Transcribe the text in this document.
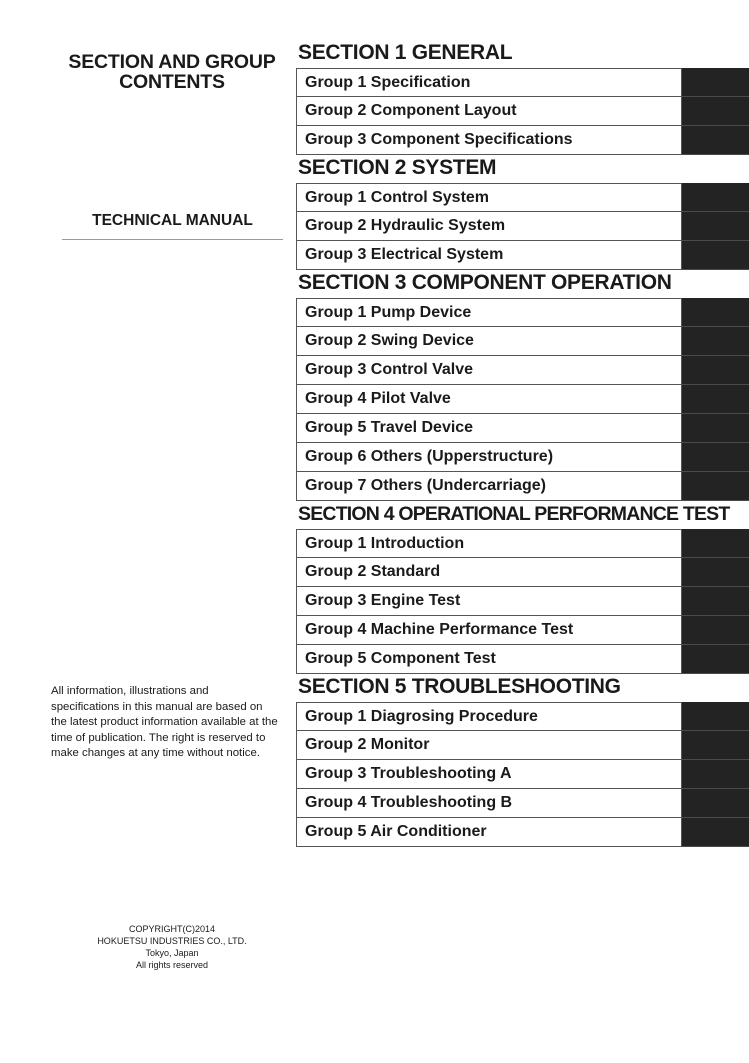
SECTION AND GROUP
CONTENTS
TECHNICAL MANUAL
All information, illustrations and specifications in this manual are based on the latest product information available at the time of publication. The right is reserved to make changes at any time without notice.
COPYRIGHT(C)2014
HOKUETSU INDUSTRIES CO., LTD.
Tokyo, Japan
All rights reserved
SECTION 1 GENERAL
Group 1 Specification
Group 2 Component Layout
Group 3 Component Specifications
SECTION 2 SYSTEM
Group 1 Control System
Group 2 Hydraulic System
Group 3 Electrical System
SECTION 3 COMPONENT OPERATION
Group 1 Pump Device
Group 2 Swing Device
Group 3 Control Valve
Group 4 Pilot Valve
Group 5 Travel Device
Group 6 Others (Upperstructure)
Group 7 Others (Undercarriage)
SECTION 4 OPERATIONAL PERFORMANCE TEST
Group 1 Introduction
Group 2 Standard
Group 3 Engine Test
Group 4 Machine Performance Test
Group 5 Component Test
SECTION 5 TROUBLESHOOTING
Group 1 Diagrosing Procedure
Group 2 Monitor
Group 3 Troubleshooting A
Group 4 Troubleshooting B
Group 5 Air Conditioner
